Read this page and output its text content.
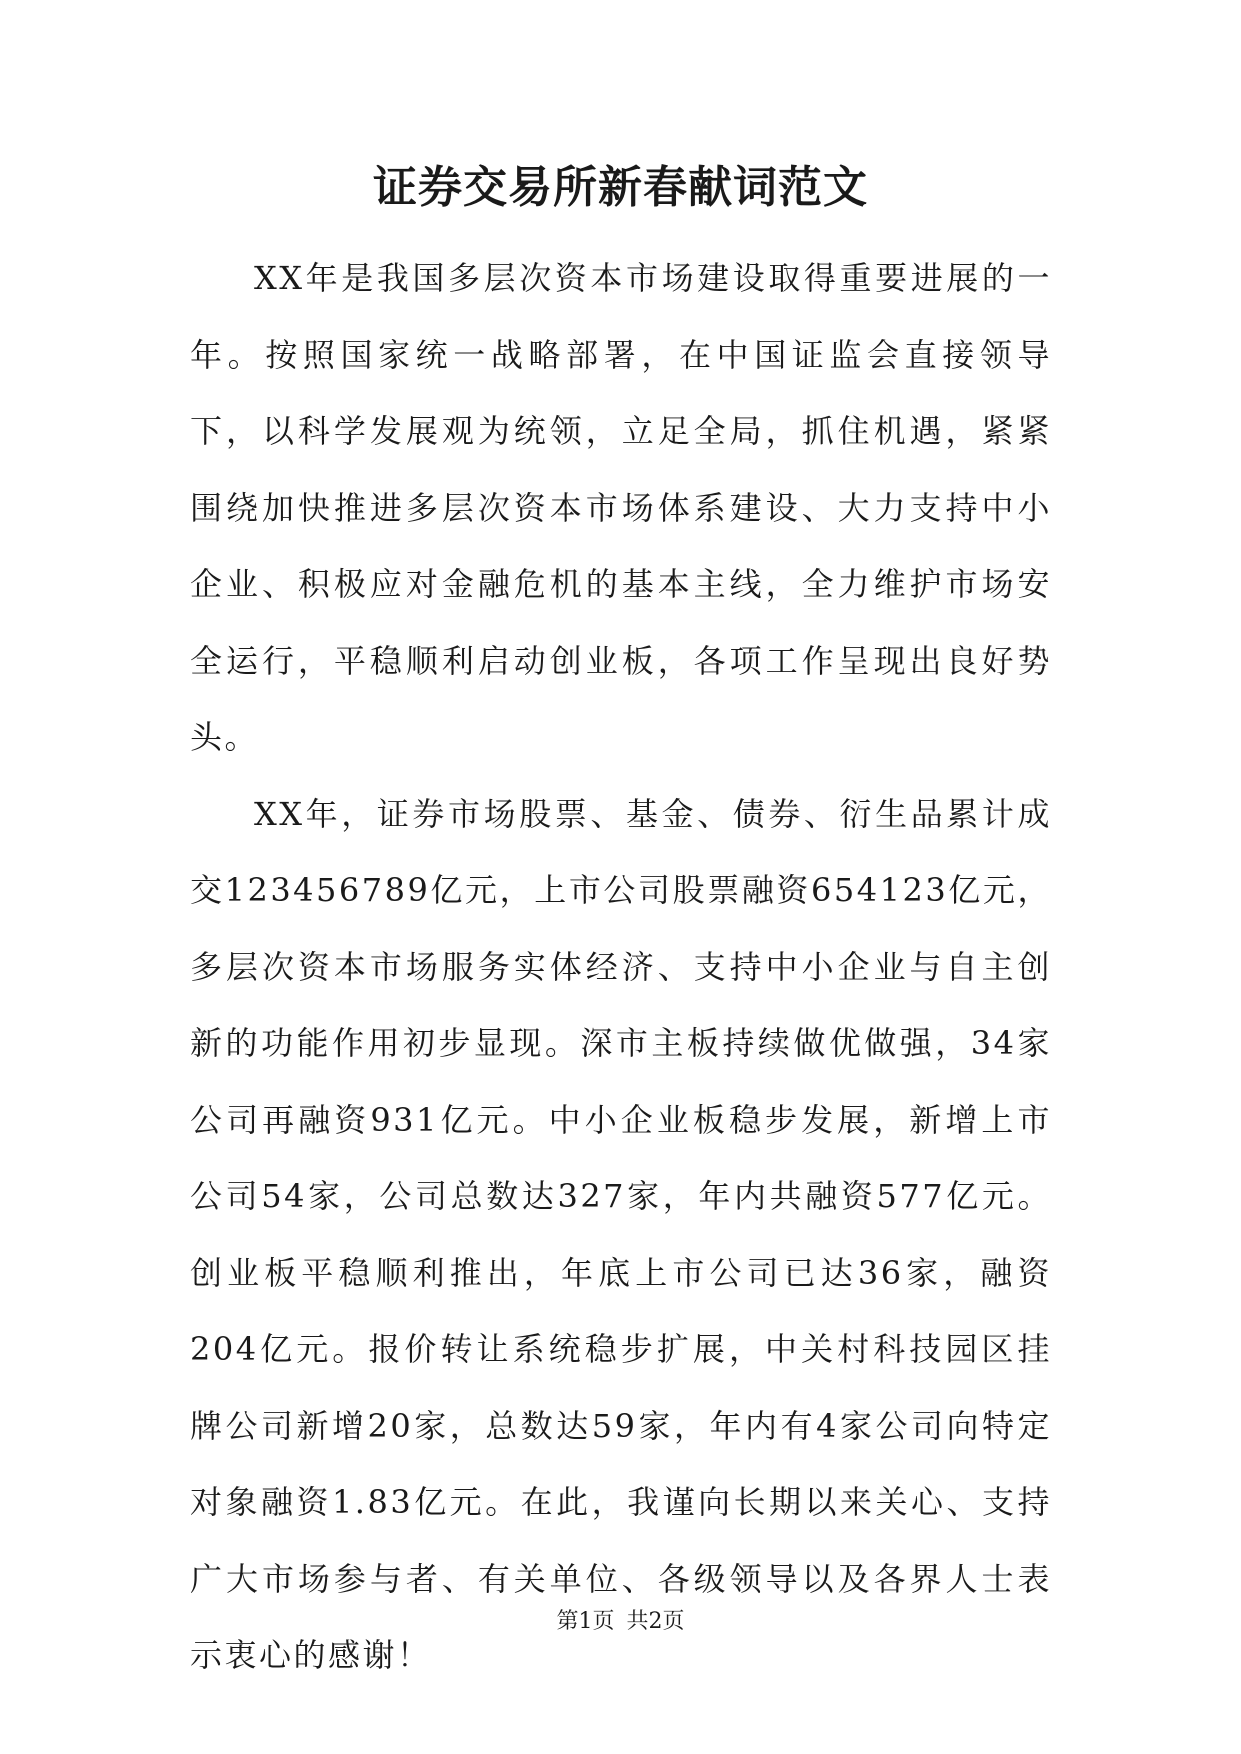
证券交易所新春献词范文

XX年是我国多层次资本市场建设取得重要进展的一年。按照国家统一战略部署，在中国证监会直接领导下，以科学发展观为统领，立足全局，抓住机遇，紧紧围绕加快推进多层次资本市场体系建设、大力支持中小企业、积极应对金融危机的基本主线，全力维护市场安全运行，平稳顺利启动创业板，各项工作呈现出良好势头。

XX年，证券市场股票、基金、债券、衍生品累计成交123456789亿元，上市公司股票融资654123亿元，多层次资本市场服务实体经济、支持中小企业与自主创新的功能作用初步显现。深市主板持续做优做强，34家公司再融资931亿元。中小企业板稳步发展，新增上市公司54家，公司总数达327家，年内共融资577亿元。创业板平稳顺利推出，年底上市公司已达36家，融资204亿元。报价转让系统稳步扩展，中关村科技园区挂牌公司新增20家，总数达59家，年内有4家公司向特定对象融资1.83亿元。在此，我谨向长期以来关心、支持广大市场参与者、有关单位、各级领导以及各界人士表示衷心的感谢！

第1页 共2页
